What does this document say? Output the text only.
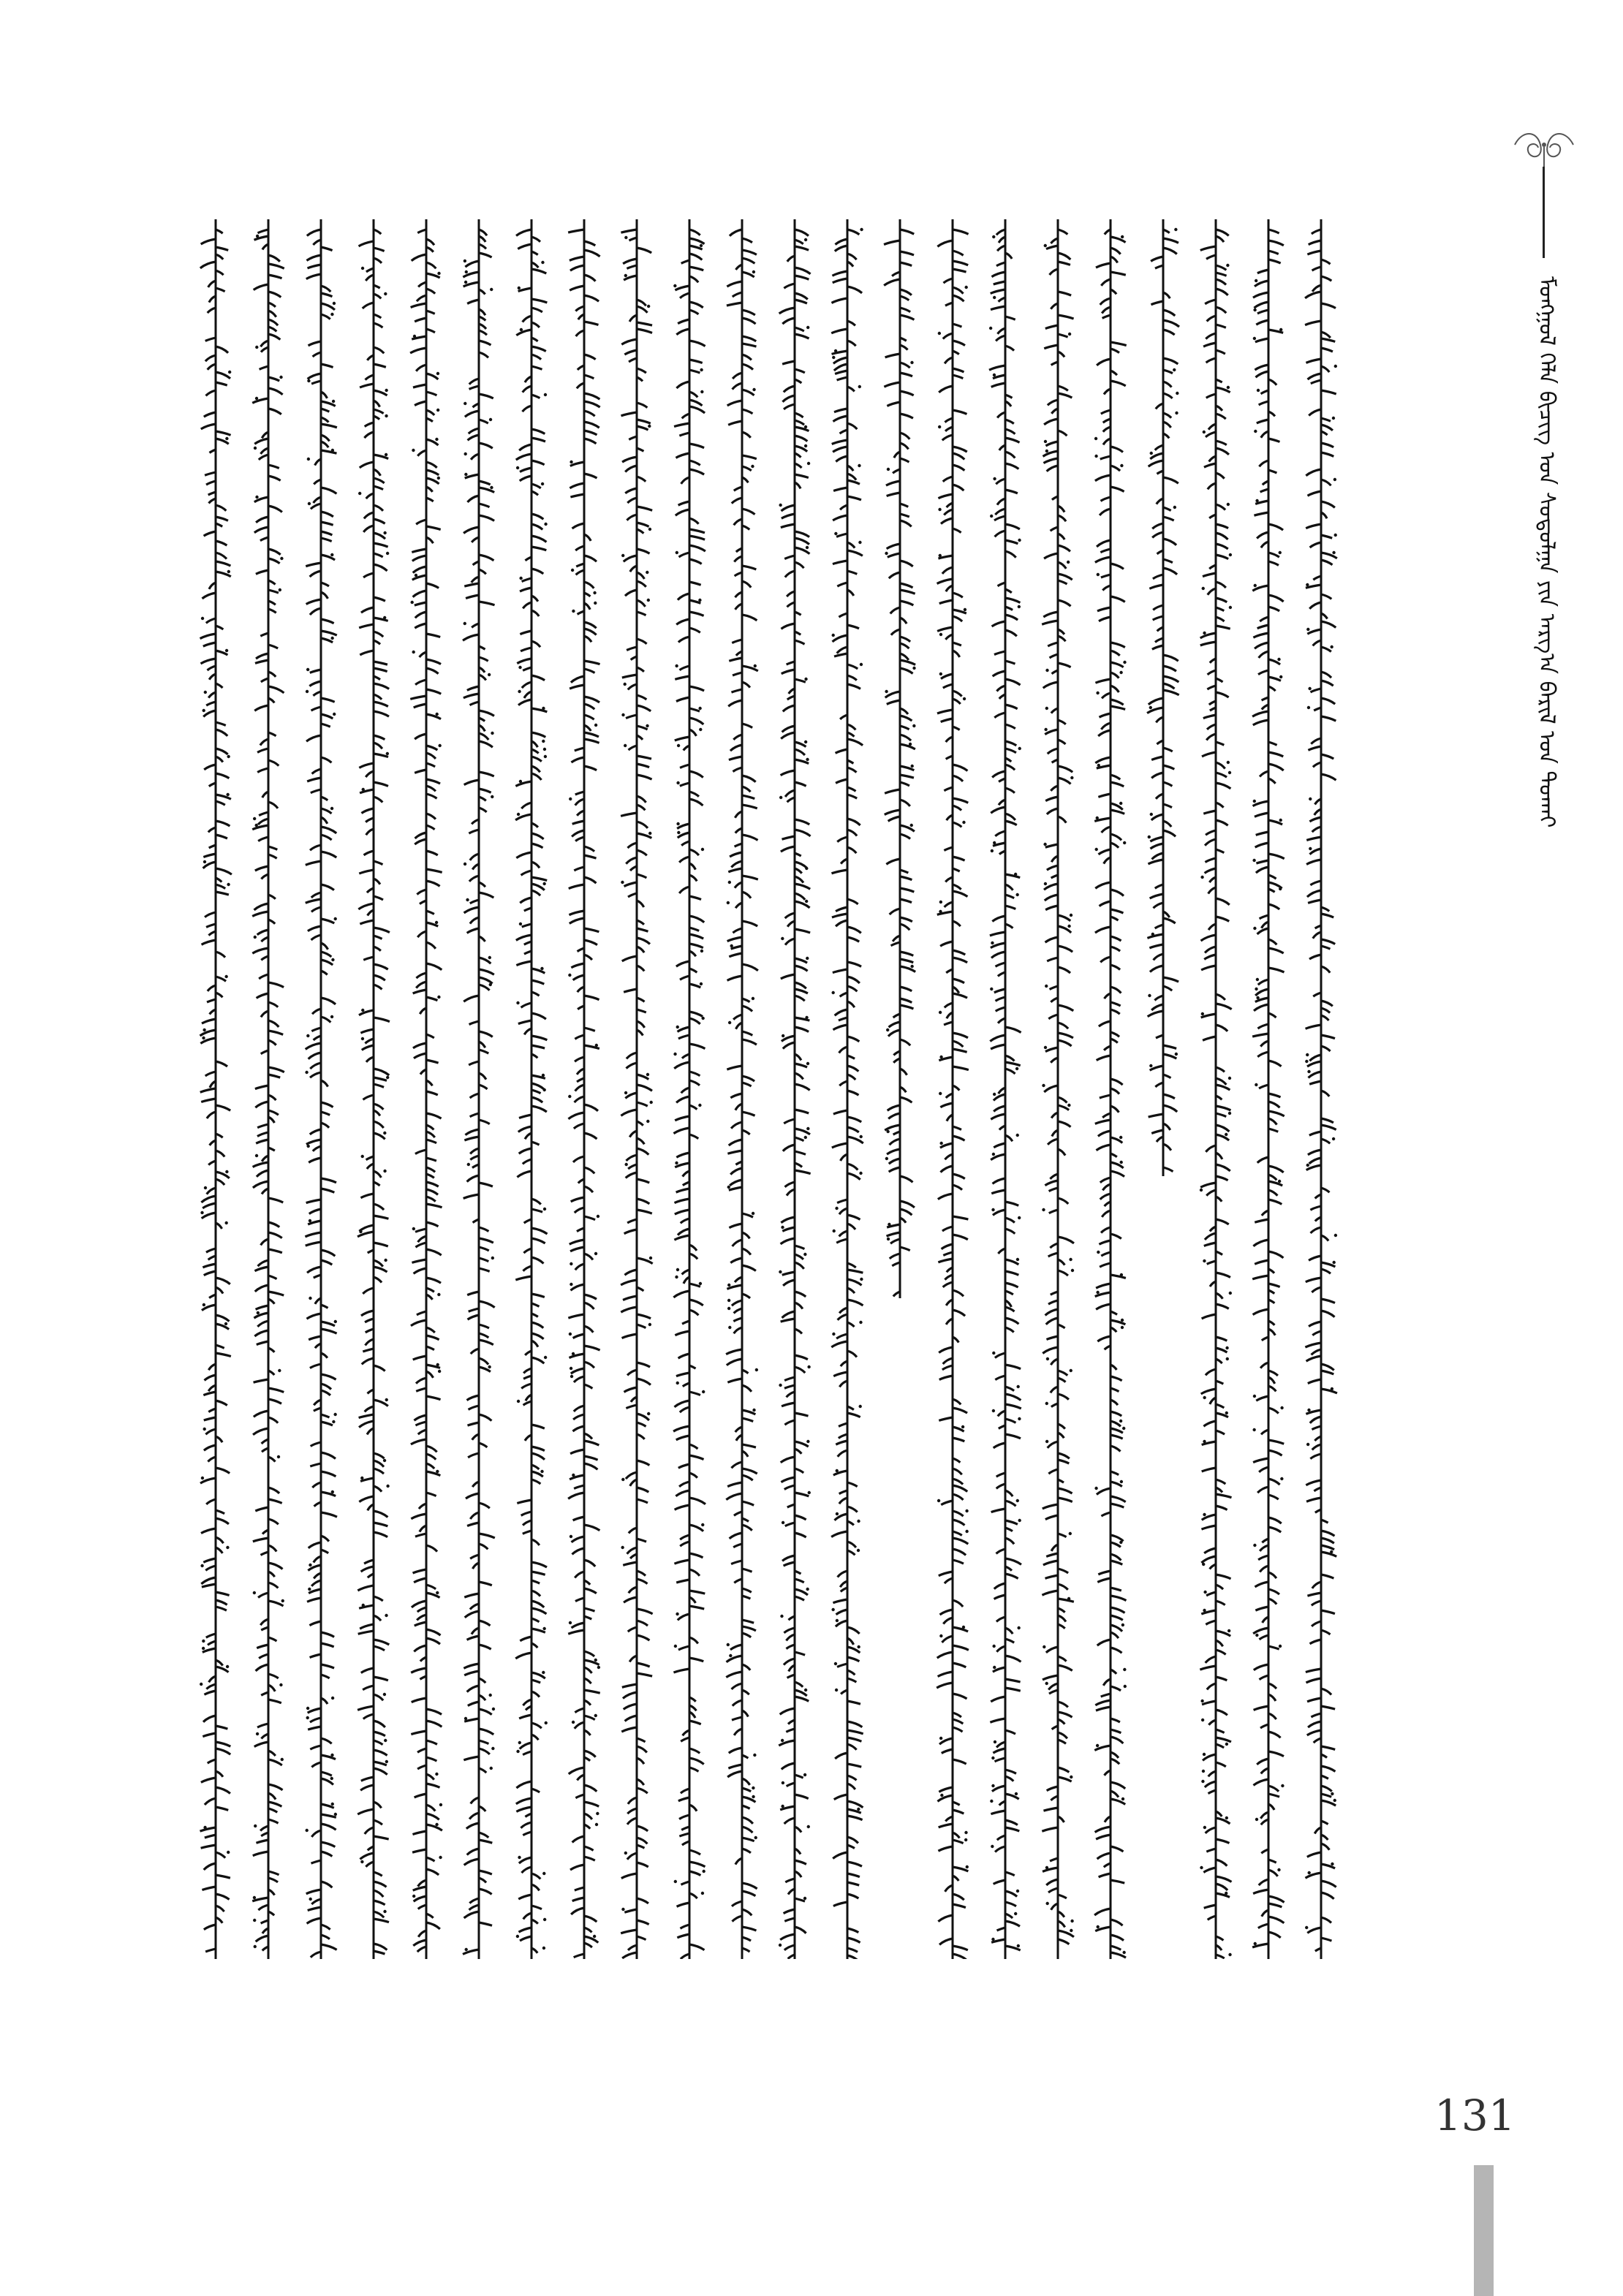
ᠮᠣᠩᠭᠣᠯ ᠬᠡᠯᠡ ᠪᠢᠴᠢᠭ ᠤᠨ ᠰᠤᠳᠤᠯᠭᠠ ᠶᠢᠨ ᠠᠷᠭ᠎ᠠ ᠪᠠᠷᠢᠯ ᠤᠨ ᠲᠤᠬᠠᠢ
131
